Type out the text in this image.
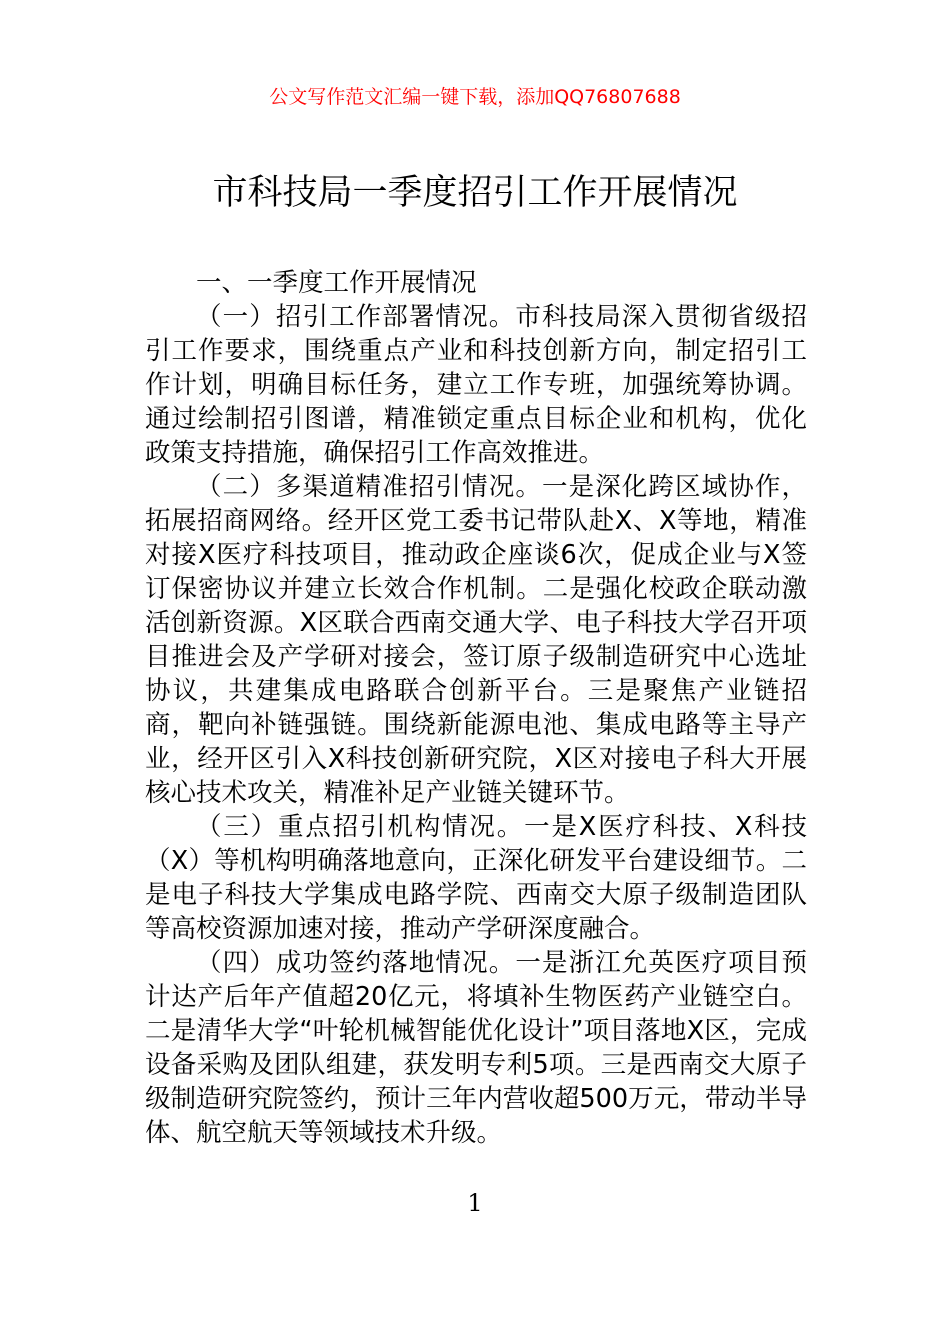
公文写作范文汇编一键下载，添加QQ76807688
市科技局一季度招引工作开展情况

一、一季度工作开展情况

（一）招引工作部署情况。市科技局深入贯彻省级招引工作要求，围绕重点产业和科技创新方向，制定招引工作计划，明确目标任务，建立工作专班，加强统筹协调。通过绘制招引图谱，精准锁定重点目标企业和机构，优化政策支持措施，确保招引工作高效推进。

（二）多渠道精准招引情况。一是深化跨区域协作，拓展招商网络。经开区党工委书记带队赴X、X等地，精准对接X医疗科技项目，推动政企座谈6次，促成企业与X签订保密协议并建立长效合作机制。二是强化校政企联动激活创新资源。X区联合西南交通大学、电子科技大学召开项目推进会及产学研对接会，签订原子级制造研究中心选址协议，共建集成电路联合创新平台。三是聚焦产业链招商，靶向补链强链。围绕新能源电池、集成电路等主导产业，经开区引入X科技创新研究院，X区对接电子科大开展核心技术攻关，精准补足产业链关键环节。

（三）重点招引机构情况。一是X医疗科技、X科技（X）等机构明确落地意向，正深化研发平台建设细节。二是电子科技大学集成电路学院、西南交大原子级制造团队等高校资源加速对接，推动产学研深度融合。

（四）成功签约落地情况。一是浙江允英医疗项目预计达产后年产值超20亿元，将填补生物医药产业链空白。二是清华大学“叶轮机械智能优化设计”项目落地X区，完成设备采购及团队组建，获发明专利5项。三是西南交大原子级制造研究院签约，预计三年内营收超500万元，带动半导体、航空航天等领域技术升级。

1
